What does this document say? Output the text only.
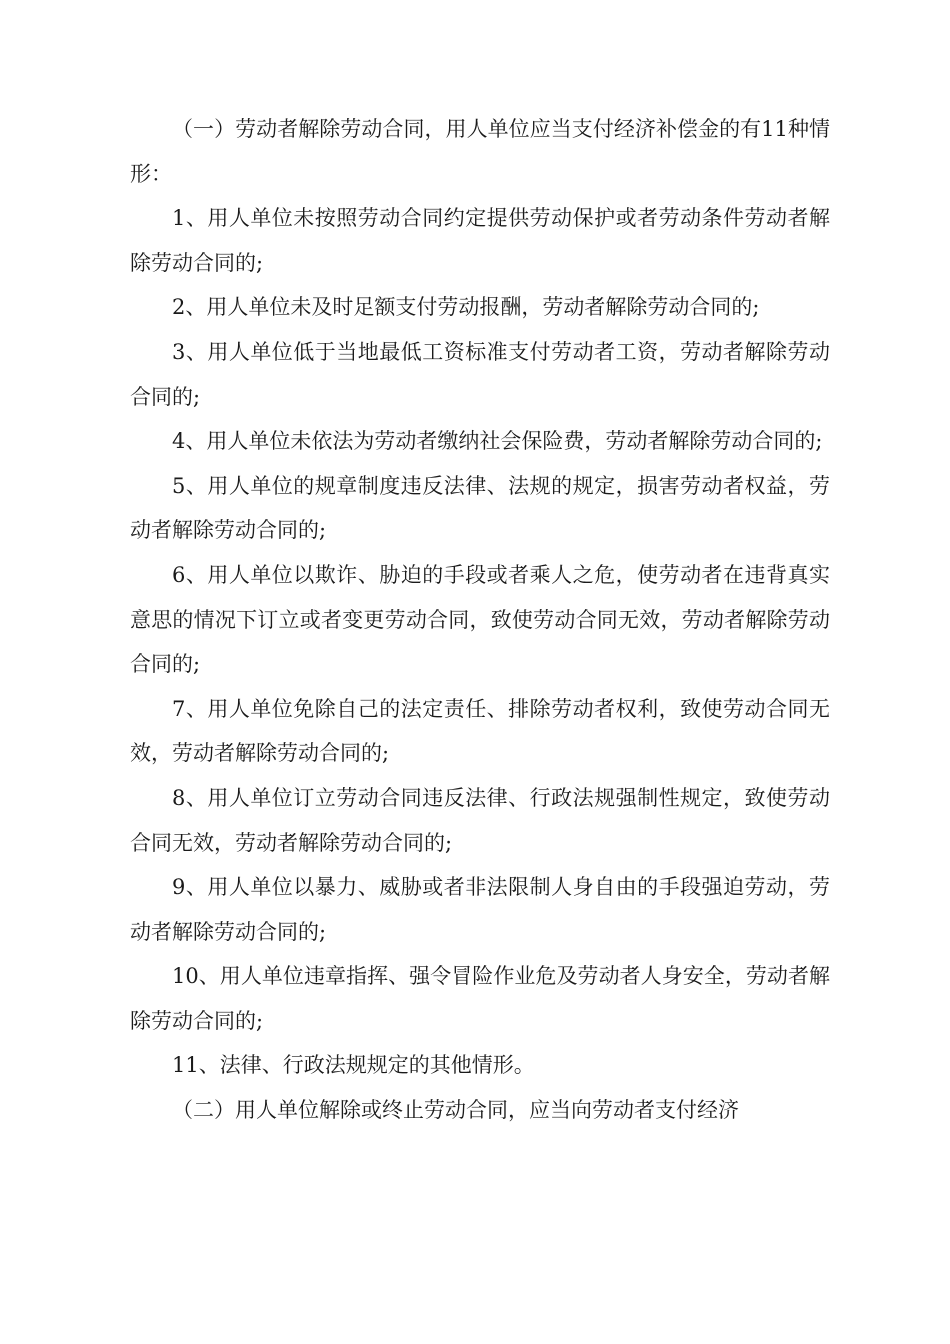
（一）劳动者解除劳动合同，用人单位应当支付经济补偿金的有11种情形：

1、用人单位未按照劳动合同约定提供劳动保护或者劳动条件劳动者解除劳动合同的;

2、用人单位未及时足额支付劳动报酬，劳动者解除劳动合同的;

3、用人单位低于当地最低工资标准支付劳动者工资，劳动者解除劳动合同的;

4、用人单位未依法为劳动者缴纳社会保险费，劳动者解除劳动合同的;

5、用人单位的规章制度违反法律、法规的规定，损害劳动者权益，劳动者解除劳动合同的;

6、用人单位以欺诈、胁迫的手段或者乘人之危，使劳动者在违背真实意思的情况下订立或者变更劳动合同，致使劳动合同无效，劳动者解除劳动合同的;

7、用人单位免除自己的法定责任、排除劳动者权利，致使劳动合同无效，劳动者解除劳动合同的;

8、用人单位订立劳动合同违反法律、行政法规强制性规定，致使劳动合同无效，劳动者解除劳动合同的;

9、用人单位以暴力、威胁或者非法限制人身自由的手段强迫劳动，劳动者解除劳动合同的;

10、用人单位违章指挥、强令冒险作业危及劳动者人身安全，劳动者解除劳动合同的;

11、法律、行政法规规定的其他情形。

（二）用人单位解除或终止劳动合同，应当向劳动者支付经济
